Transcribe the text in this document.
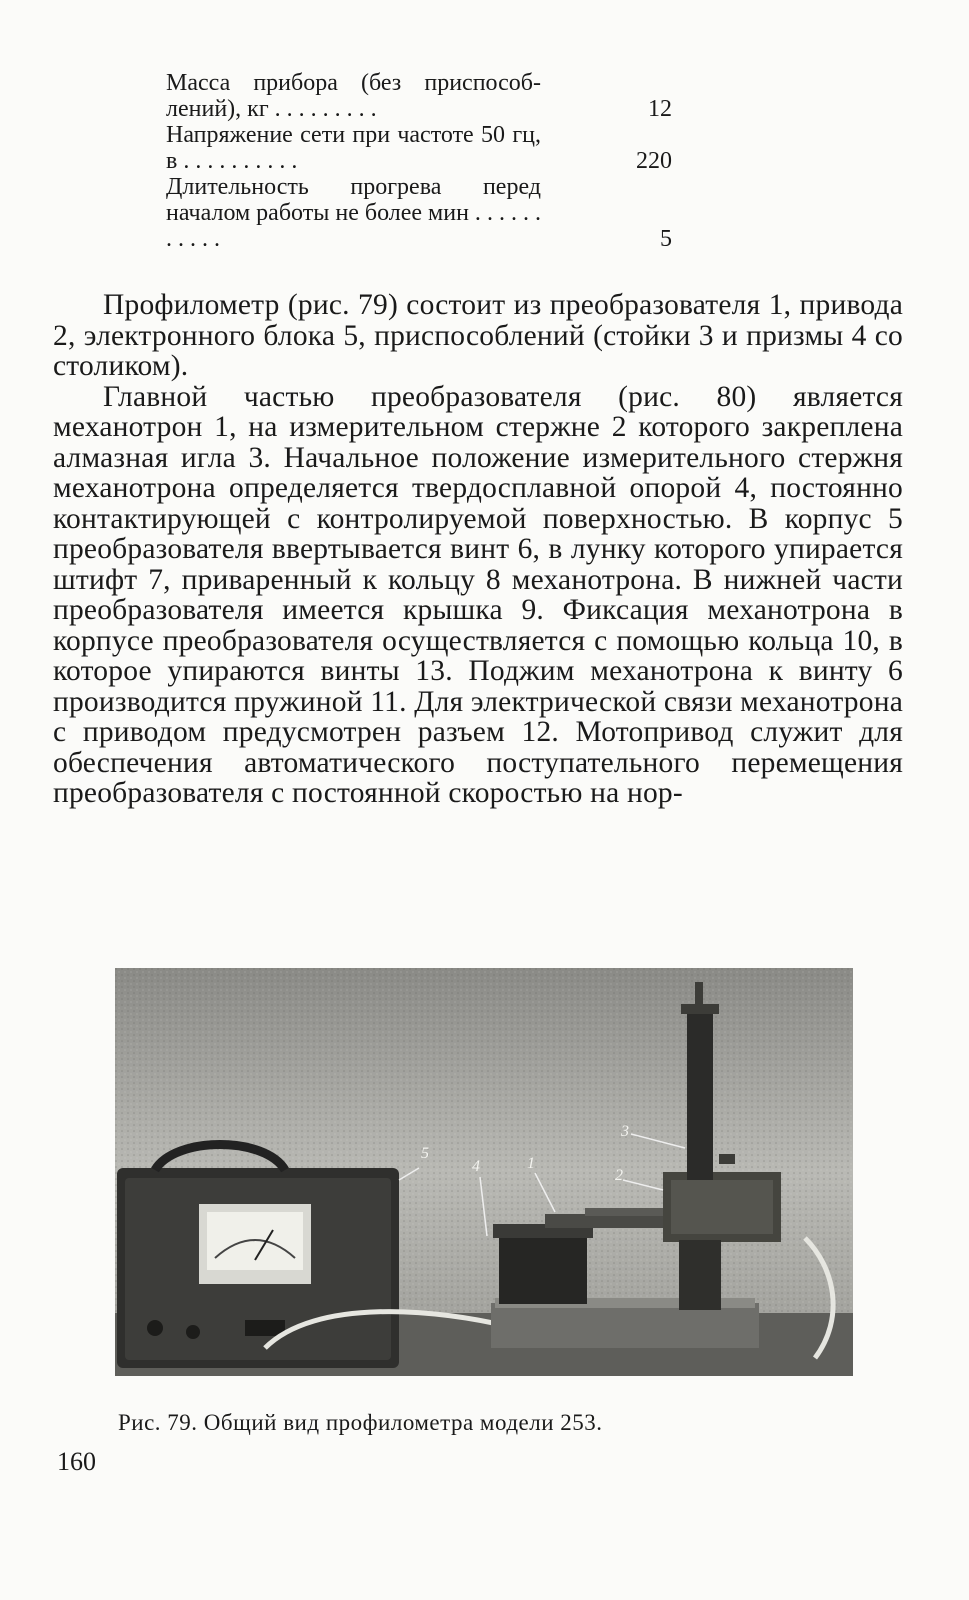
Масса прибора (без приспособ- лений), кг . . . . . . . . .	12
Напряжение сети при частоте 50 гц, в . . . . . . . . . .	220
Длительность прогрева перед началом работы не более мин . . . . . . . . . . .	5

Профилометр (рис. 79) состоит из преобразователя 1, привода 2, электронного блока 5, приспособлений (стойки 3 и призмы 4 со столиком).

Главной частью преобразователя (рис. 80) является механотрон 1, на измерительном стержне 2 которого закреплена алмазная игла 3. Начальное положение измерительного стержня механотрона определяется твердосплавной опорой 4, постоянно контактирующей с контролируемой поверхностью. В корпус 5 преобразователя ввертывается винт 6, в лунку которого упирается штифт 7, приваренный к кольцу 8 механотрона. В нижней части преобразователя имеется крышка 9. Фиксация механотрона в корпусе преобразователя осуществляется с помощью кольца 10, в которое упираются винты 13. Поджим механотрона к винту 6 производится пружиной 11. Для электрической связи механотрона с приводом предусмотрен разъем 12. Мотопривод служит для обеспечения автоматического поступательного перемещения преобразователя с постоянной скоростью на нор-

5
4	1
3
2
Рис. 79. Общий вид профилометра модели 253.
160
